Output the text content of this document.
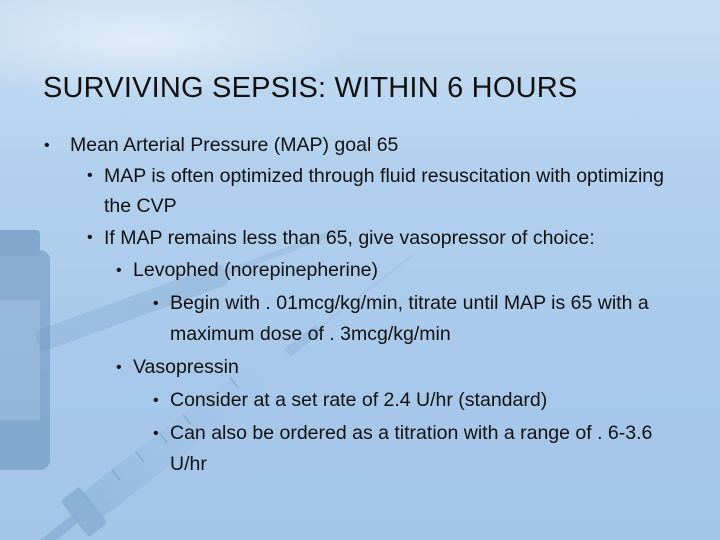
SURVIVING SEPSIS: WITHIN 6 HOURS

• Mean Arterial Pressure (MAP) goal 65

• MAP is often optimized through fluid resuscitation with optimizing the CVP

• If MAP remains less than 65, give vasopressor of choice:

• Levophed (norepinepherine)

• Begin with . 01mcg/kg/min, titrate until MAP is 65 with a maximum dose of . 3mcg/kg/min

• Vasopressin

• Consider at a set rate of 2.4 U/hr (standard)

• Can also be ordered as a titration with a range of . 6-3.6 U/hr
